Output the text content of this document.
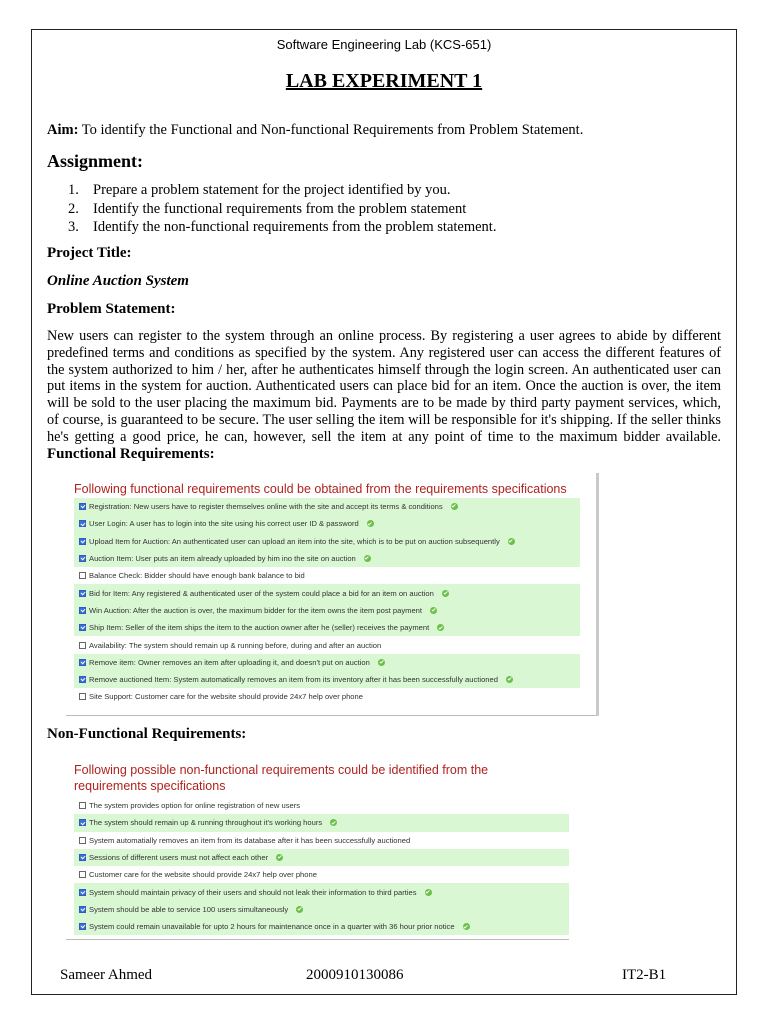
Software Engineering Lab (KCS-651)
LAB EXPERIMENT 1
Aim: To identify the Functional and Non-functional Requirements from Problem Statement.
Assignment:
1. Prepare a problem statement for the project identified by you.
2. Identify the functional requirements from the problem statement
3. Identify the non-functional requirements from the problem statement.
Project Title:
Online Auction System
Problem Statement:

New users can register to the system through an online process. By registering a user agrees to abide by different predefined terms and conditions as specified by the system. Any registered user can access the different features of the system authorized to him / her, after he authenticates himself through the login screen. An authenticated user can put items in the system for auction. Authenticated users can place bid for an item. Once the auction is over, the item will be sold to the user placing the maximum bid. Payments are to be made by third party payment services, which, of course, is guaranteed to be secure. The user selling the item will be responsible for it's shipping. If the seller thinks he's getting a good price, he can, however, sell the item at any point of time to the maximum bidder available. Functional Requirements:

Following functional requirements could be obtained from the requirements specifications
Registration: New users have to register themselves online with the site and accept its terms & conditions
User Login: A user has to login into the site using his correct user ID & password
Upload Item for Auction: An authenticated user can upload an item into the site, which is to be put on auction subsequently
Auction Item: User puts an item already uploaded by him ino the site on auction
Balance Check: Bidder should have enough bank balance to bid
Bid for Item: Any registered & authenticated user of the system could place a bid for an item on auction
Win Auction: After the auction is over, the maximum bidder for the item owns the item post payment
Ship Item: Seller of the item ships the item to the auction owner after he (seller) receives the payment
Availability: The system should remain up & running before, during and after an auction
Remove item: Owner removes an item after uploading it, and doesn't put on auction
Remove auctioned Item: System automatically removes an item from its inventory after it has been successfully auctioned
Site Support: Customer care for the website should provide 24x7 help over phone
Non-Functional Requirements:
Following possible non-functional requirements could be identified from the requirements specifications
The system provides option for online registration of new users
The system should remain up & running throughout it's working hours
System automatially removes an item from its database after it has been successfully auctioned
Sessions of different users must not affect each other
Customer care for the website should provide 24x7 help over phone
System should maintain privacy of their users and should not leak their information to third parties
System should be able to service 100 users simultaneously
System could remain unavailable for upto 2 hours for maintenance once in a quarter with 36 hour prior notice
Sameer Ahmed	2000910130086	IT2-B1
